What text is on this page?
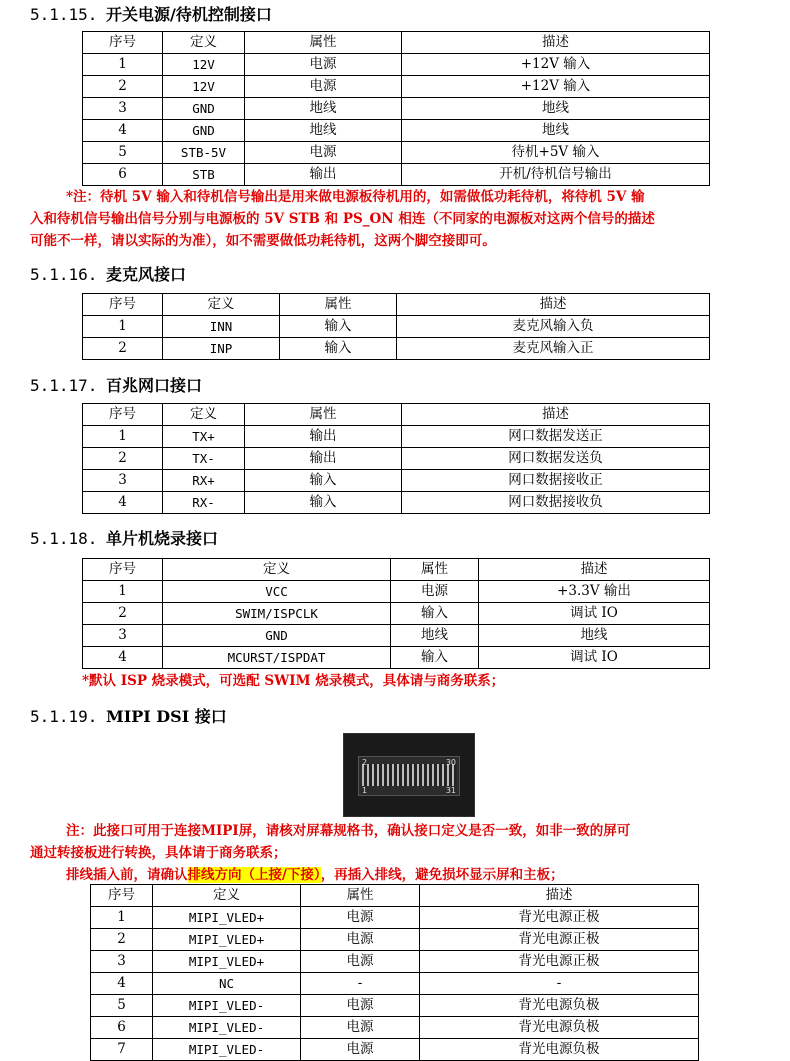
5.1.15. 开关电源/待机控制接口
序号	定义	属性	描述
1	12V	电源	+12V 输入
2	12V	电源	+12V 输入
3	GND	地线	地线
4	GND	地线	地线
5	STB-5V	电源	待机+5V 输入
6	STB	输出	开机/待机信号输出
*注：待机 5V 输入和待机信号输出是用来做电源板待机用的，如需做低功耗待机，将待机 5V 输
入和待机信号输出信号分别与电源板的 5V STB 和 PS_ON 相连（不同家的电源板对这两个信号的描述
可能不一样，请以实际的为准），如不需要做低功耗待机，这两个脚空接即可。
5.1.16. 麦克风接口
序号	定义	属性	描述
1	INN	输入	麦克风输入负
2	INP	输入	麦克风输入正
5.1.17. 百兆网口接口
序号	定义	属性	描述
1	TX+	输出	网口数据发送正
2	TX-	输出	网口数据发送负
3	RX+	输入	网口数据接收正
4	RX-	输入	网口数据接收负
5.1.18. 单片机烧录接口
序号	定义	属性	描述
1	VCC	电源	+3.3V 输出
2	SWIM/ISPCLK	输入	调试 IO
3	GND	地线	地线
4	MCURST/ISPDAT	输入	调试 IO
*默认 ISP 烧录模式，可选配 SWIM 烧录模式，具体请与商务联系；
5.1.19. MIPI DSI 接口
2	30
1	31
注：此接口可用于连接MIPI屏，请核对屏幕规格书，确认接口定义是否一致，如非一致的屏可
通过转接板进行转换，具体请于商务联系；
排线插入前，请确认排线方向（上接/下接），再插入排线，避免损坏显示屏和主板；
序号	定义	属性	描述
1	MIPI_VLED+	电源	背光电源正极
2	MIPI_VLED+	电源	背光电源正极
3	MIPI_VLED+	电源	背光电源正极
4	NC	-	-
5	MIPI_VLED-	电源	背光电源负极
6	MIPI_VLED-	电源	背光电源负极
7	MIPI_VLED-	电源	背光电源负极
